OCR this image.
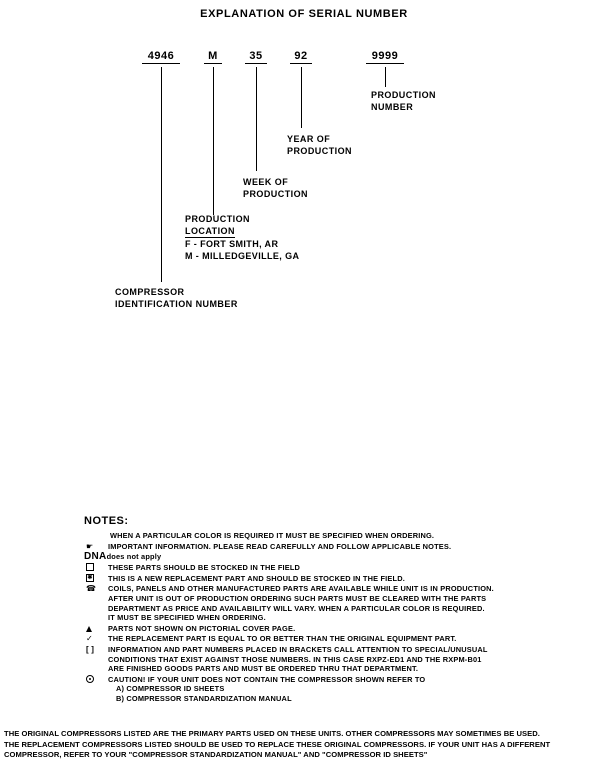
EXPLANATION OF SERIAL NUMBER
4946	M	35	92	9999
PRODUCTION
NUMBER
YEAR OF
PRODUCTION
WEEK OF
PRODUCTION
PRODUCTION
LOCATION
F - FORT SMITH, AR
M - MILLEDGEVILLE, GA
COMPRESSOR
IDENTIFICATION NUMBER
NOTES:
WHEN A PARTICULAR COLOR IS REQUIRED IT MUST BE SPECIFIED WHEN ORDERING.
☛	IMPORTANT INFORMATION. PLEASE READ CAREFULLY AND FOLLOW APPLICABLE NOTES.
DNAdoes not apply
THESE PARTS SHOULD BE STOCKED IN THE FIELD
✱
THIS IS A NEW REPLACEMENT PART AND SHOULD BE STOCKED IN THE FIELD.
☎	COILS, PANELS AND OTHER MANUFACTURED PARTS ARE AVAILABLE WHILE UNIT IS IN PRODUCTION.
AFTER UNIT IS OUT OF PRODUCTION ORDERING SUCH PARTS MUST BE CLEARED WITH THE PARTS
DEPARTMENT AS PRICE AND AVAILABILITY WILL VARY. WHEN A PARTICULAR COLOR IS REQUIRED.
IT MUST BE SPECIFIED WHEN ORDERING.
PARTS NOT SHOWN ON PICTORIAL COVER PAGE.
✓	THE REPLACEMENT PART IS EQUAL TO OR BETTER THAN THE ORIGINAL EQUIPMENT PART.
[ ]	INFORMATION AND PART NUMBERS PLACED IN BRACKETS CALL ATTENTION TO SPECIAL/UNUSUAL
CONDITIONS THAT EXIST AGAINST THOSE NUMBERS. IN THIS CASE RXPZ-ED1 AND THE RXPM-B01
ARE FINISHED GOODS PARTS AND MUST BE ORDERED THRU THAT DEPARTMENT.
CAUTION! IF YOUR UNIT DOES NOT CONTAIN THE COMPRESSOR SHOWN REFER TO
A) COMPRESSOR ID SHEETS
B) COMPRESSOR STANDARDIZATION MANUAL
THE ORIGINAL COMPRESSORS LISTED ARE THE PRIMARY PARTS USED ON THESE UNITS. OTHER COMPRESSORS MAY SOMETIMES BE USED.
THE REPLACEMENT COMPRESSORS LISTED SHOULD BE USED TO REPLACE THESE ORIGINAL COMPRESSORS. IF YOUR UNIT HAS A DIFFERENT
COMPRESSOR, REFER TO YOUR "COMPRESSOR STANDARDIZATION MANUAL" AND "COMPRESSOR ID SHEETS"
